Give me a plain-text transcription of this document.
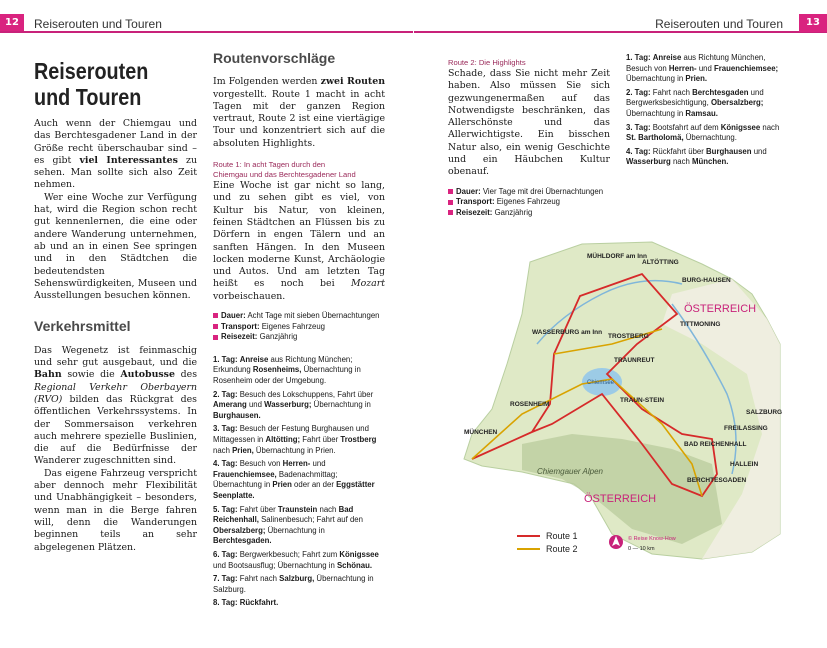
12	Reiserouten und Touren
Reiserouten
und Touren

Auch wenn der Chiemgau und das Berchtesgadener Land in der Größe recht überschaubar sind – es gibt viel Interessantes zu sehen. Man sollte sich also Zeit nehmen.

Wer eine Woche zur Verfügung hat, wird die Region schon recht gut kennenlernen, die eine oder andere Wanderung unternehmen, ab und an in einen See springen und in den Städtchen die bedeutendsten Sehenswürdigkeiten, Museen und Ausstellungen besuchen können.

Verkehrsmittel

Das Wegenetz ist feinmaschig und sehr gut ausgebaut, und die Bahn sowie die Autobusse des Regional Verkehr Oberbayern (RVO) bilden das Rückgrat des öffentlichen Verkehrssystems. In der Sommersaison verkehren auch mehrere spezielle Buslinien, die auf die Bedürfnisse der Wanderer zugeschnitten sind.

Das eigene Fahrzeug verspricht aber dennoch mehr Flexibilität und Unabhängigkeit – besonders, wenn man in die Berge fahren will, denn die Wanderungen beginnen teils an sehr abgelegenen Plätzen.

Routenvorschläge

Im Folgenden werden zwei Routen vorgestellt. Route 1 macht in acht Tagen mit der ganzen Region vertraut, Route 2 ist eine viertägige Tour und konzentriert sich auf die absoluten Highlights.

Route 1: In acht Tagen durch den
Chiemgau und das Berchtesgadener Land

Eine Woche ist gar nicht so lang, und zu sehen gibt es viel, von Kultur bis Natur, von kleinen, feinen Städtchen an Flüssen bis zu Dörfern in engen Tälern und an sanften Hängen. In den Museen locken moderne Kunst, Archäologie und Autos. Und am letzten Tag heißt es noch bei Mozart vorbeischauen.

Dauer: Acht Tage mit sieben Übernachtungen
Transport: Eigenes Fahrzeug
Reisezeit: Ganzjährig
1. Tag: Anreise aus Richtung München; Erkundung Rosenheims, Übernachtung in Rosenheim oder der Umgebung.
2. Tag: Besuch des Lokschuppens, Fahrt über Amerang und Wasserburg; Übernachtung in Burghausen.
3. Tag: Besuch der Festung Burghausen und Mittagessen in Altötting; Fahrt über Trostberg nach Prien, Übernachtung in Prien.
4. Tag: Besuch von Herren- und Frauenchiemsee, Badenachmittag; Übernachtung in Prien oder an der Eggstätter Seenplatte.
5. Tag: Fahrt über Traunstein nach Bad Reichenhall, Salinenbesuch; Fahrt auf den Obersalzberg; Übernachtung in Berchtesgaden.
6. Tag: Bergwerkbesuch; Fahrt zum Königssee und Bootsausflug; Übernachtung in Schönau.
7. Tag: Fahrt nach Salzburg, Übernachtung in Salzburg.
8. Tag: Rückfahrt.
Reiserouten und Touren	13
Route 2: Die Highlights

Schade, dass Sie nicht mehr Zeit haben. Also müssen Sie sich gezwungenermaßen auf das Notwendigste beschränken, das Allerschönste und das Allerwichtigste. Ein bisschen Natur also, ein wenig Geschichte und ein Häubchen Kultur obenauf.

Dauer: Vier Tage mit drei Übernachtungen
Transport: Eigenes Fahrzeug
Reisezeit: Ganzjährig
1. Tag: Anreise aus Richtung München, Besuch von Herren- und Frauenchiemsee; Übernachtung in Prien.
2. Tag: Fahrt nach Berchtesgaden und Bergwerksbesichtigung, Obersalzberg; Übernachtung in Ramsau.
3. Tag: Bootsfahrt auf dem Königssee nach St. Bartholomä, Übernachtung.
4. Tag: Rückfahrt über Burghausen und Wasserburg nach München.
ÖSTERREICH
ÖSTERREICH
Chiemgauer Alpen
Chiemsee
MÜHLDORF am Inn
ALTÖTTING
BURG-HAUSEN
TITTMONING
WASSERBURG am Inn
TROSTBERG
TRAUNREUT
ROSENHEIM
TRAUN-STEIN
SALZBURG
FREILASSING
BAD REICHENHALL
BERCHTESGADEN
HALLEIN
MÜNCHEN
Route 1
Route 2
© Reise Know-How
0 — 10 km
